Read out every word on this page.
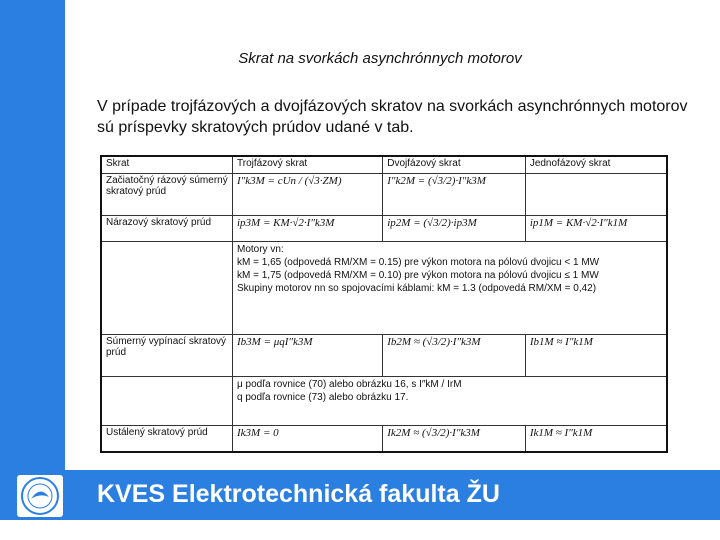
Skrat na svorkách asynchrónnych motorov
V prípade trojfázových a dvojfázových skratov na svorkách asynchrónnych motorov sú príspevky skratových prúdov udané v tab.
Skrat	Trojfázový skrat	Dvojfázový skrat	Jednofázový skrat
Začiatočný rázový súmerný skratový prúd	I″k3M = cUn / (√3·ZM)	I″k2M = (√3/2)·I″k3M	
Nárazový skratový prúd	ip3M = KM·√2·I″k3M	ip2M = (√3/2)·ip3M	ip1M = KM·√2·I″k1M
	Motory vn:
kM = 1,65 (odpovedá RM/XM = 0.15) pre výkon motora na pólovú dvojicu < 1 MW
kM = 1,75 (odpovedá RM/XM = 0.10) pre výkon motora na pólovú dvojicu ≤ 1 MW
Skupiny motorov nn so spojovacími káblami: kM = 1.3 (odpovedá RM/XM = 0,42)		
Súmerný vypínací skratový prúd	Ib3M = μqI″k3M	Ib2M ≈ (√3/2)·I″k3M	Ib1M ≈ I″k1M
	μ podľa rovnice (70) alebo obrázku 16, s I″kM / IrM
q podľa rovnice (73) alebo obrázku 17.		
Ustálený skratový prúd	Ik3M = 0	Ik2M ≈ (√3/2)·I″k3M	Ik1M ≈ I″k1M
KVES Elektrotechnická fakulta ŽU
